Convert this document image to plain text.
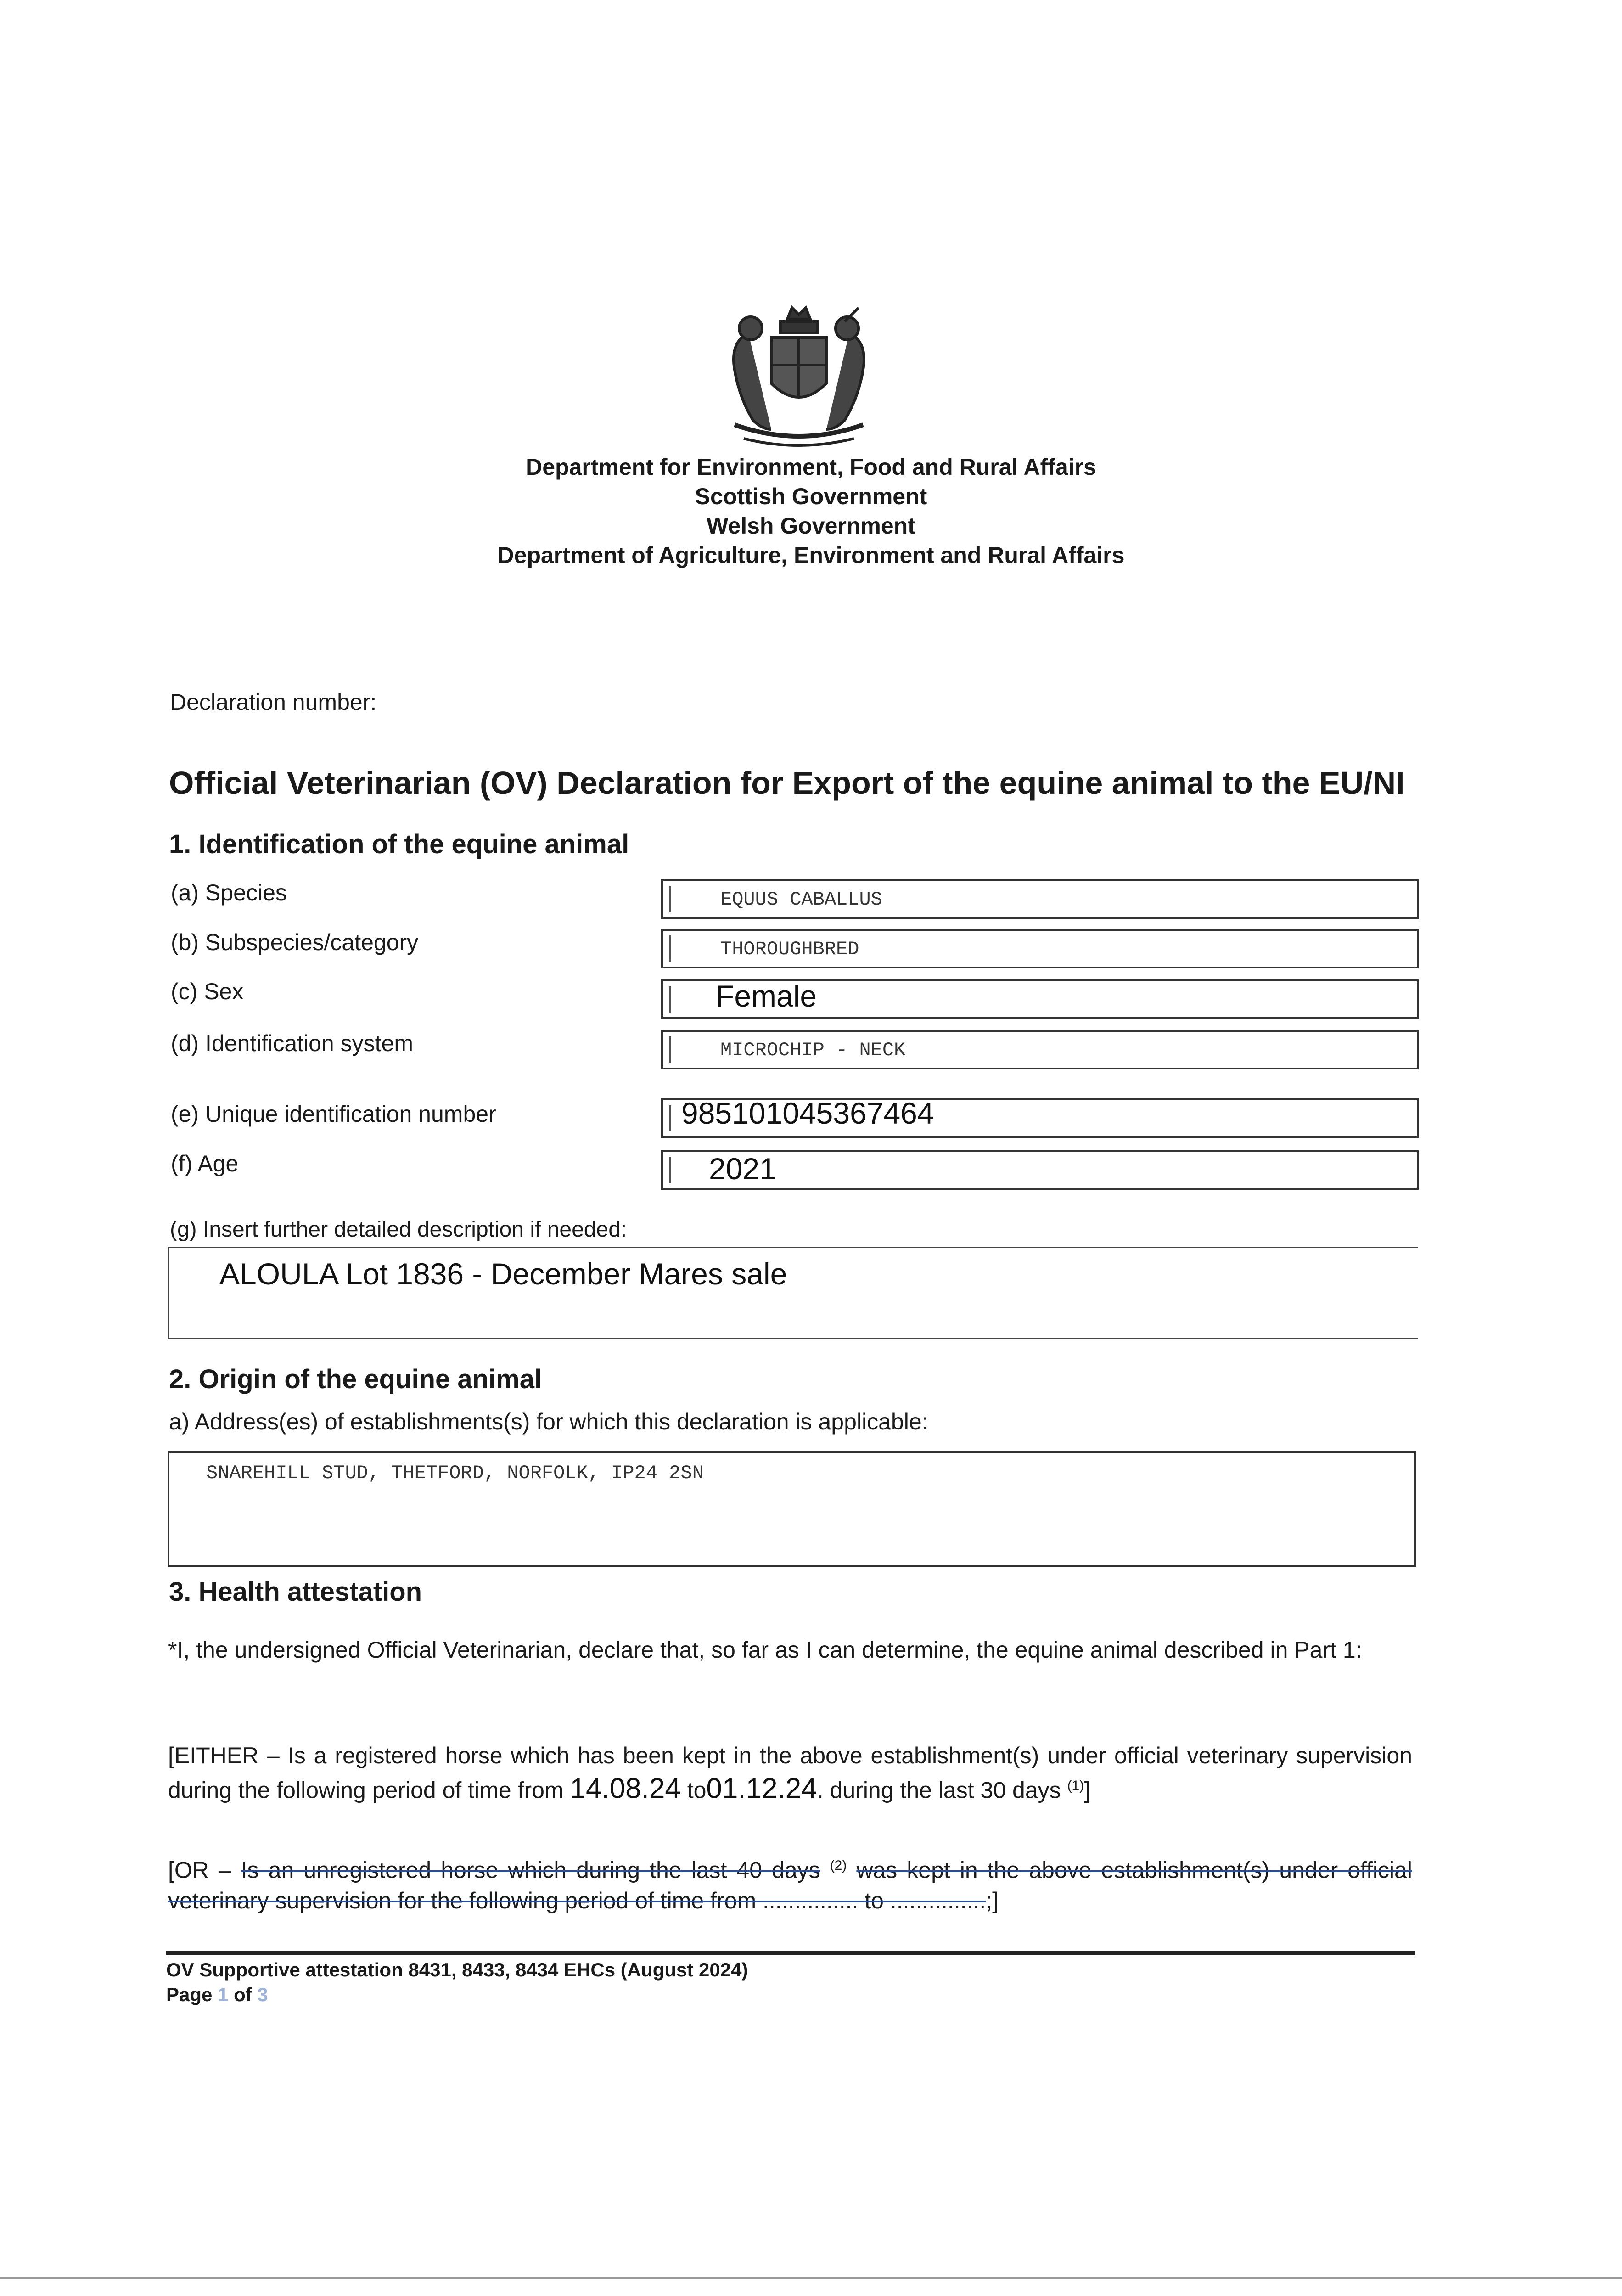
Department for Environment, Food and Rural Affairs
Scottish Government
Welsh Government
Department of Agriculture, Environment and Rural Affairs
Declaration number:
Official Veterinarian (OV) Declaration for Export of the equine animal to the EU/NI
1. Identification of the equine animal
(a) Species	EQUUS CABALLUS
(b) Subspecies/category	THOROUGHBRED
(c) Sex	Female
(d) Identification system	MICROCHIP - NECK
(e) Unique identification number	985101045367464
(f) Age	2021
(g) Insert further detailed description if needed:
ALOULA Lot 1836 - December Mares sale
2. Origin of the equine animal
a) Address(es) of establishments(s) for which this declaration is applicable:
SNAREHILL STUD, THETFORD, NORFOLK, IP24 2SN
3. Health attestation
*I, the undersigned Official Veterinarian, declare that, so far as I can determine, the equine animal described in Part 1:
[EITHER – Is a registered horse which has been kept in the above establishment(s) under official veterinary supervision during the following period of time from 14.08.24 to01.12.24. during the last 30 days $^{(1)}$]
[OR – Is an unregistered horse which during the last 40 days $^{(2)}$ was kept in the above establishment(s) under official veterinary supervision for the following period of time from ............... to ...............;]
OV Supportive attestation 8431, 8433, 8434 EHCs (August 2024)
Page 1 of 3
